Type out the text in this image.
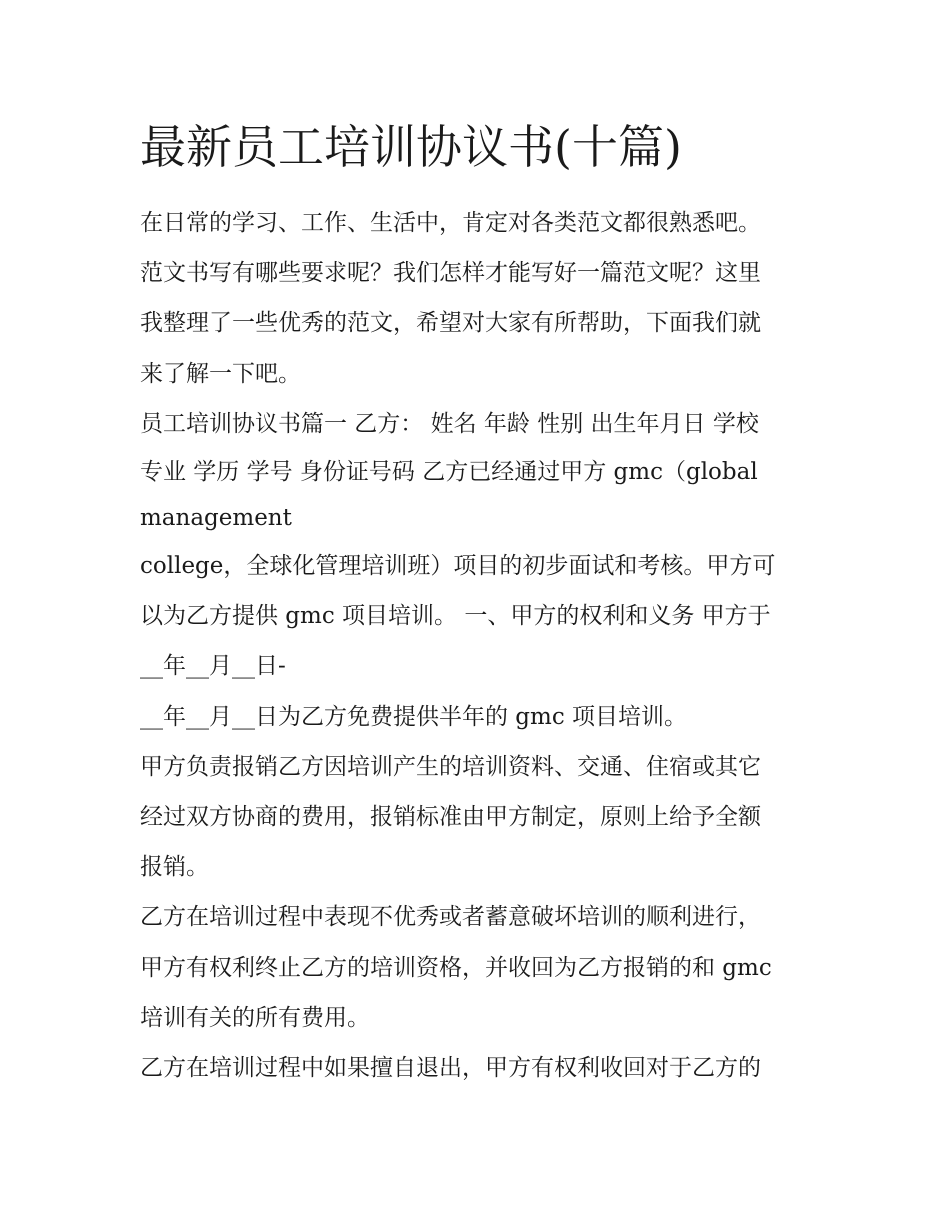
最新员工培训协议书(十篇)
在日常的学习、工作、生活中，肯定对各类范文都很熟悉吧。
范文书写有哪些要求呢？我们怎样才能写好一篇范文呢？这里
我整理了一些优秀的范文，希望对大家有所帮助，下面我们就
来了解一下吧。
员工培训协议书篇一 乙方： 姓名 年龄 性别 出生年月日 学校
专业 学历 学号 身份证号码 乙方已经通过甲方 gmc（global
management
college，全球化管理培训班）项目的初步面试和考核。甲方可
以为乙方提供 gmc 项目培训。 一、甲方的权利和义务 甲方于
__年__月__日-
__年__月__日为乙方免费提供半年的 gmc 项目培训。
甲方负责报销乙方因培训产生的培训资料、交通、住宿或其它
经过双方协商的费用，报销标准由甲方制定，原则上给予全额
报销。
乙方在培训过程中表现不优秀或者蓄意破坏培训的顺利进行，
甲方有权利终止乙方的培训资格，并收回为乙方报销的和 gmc
培训有关的所有费用。
乙方在培训过程中如果擅自退出，甲方有权利收回对于乙方的
